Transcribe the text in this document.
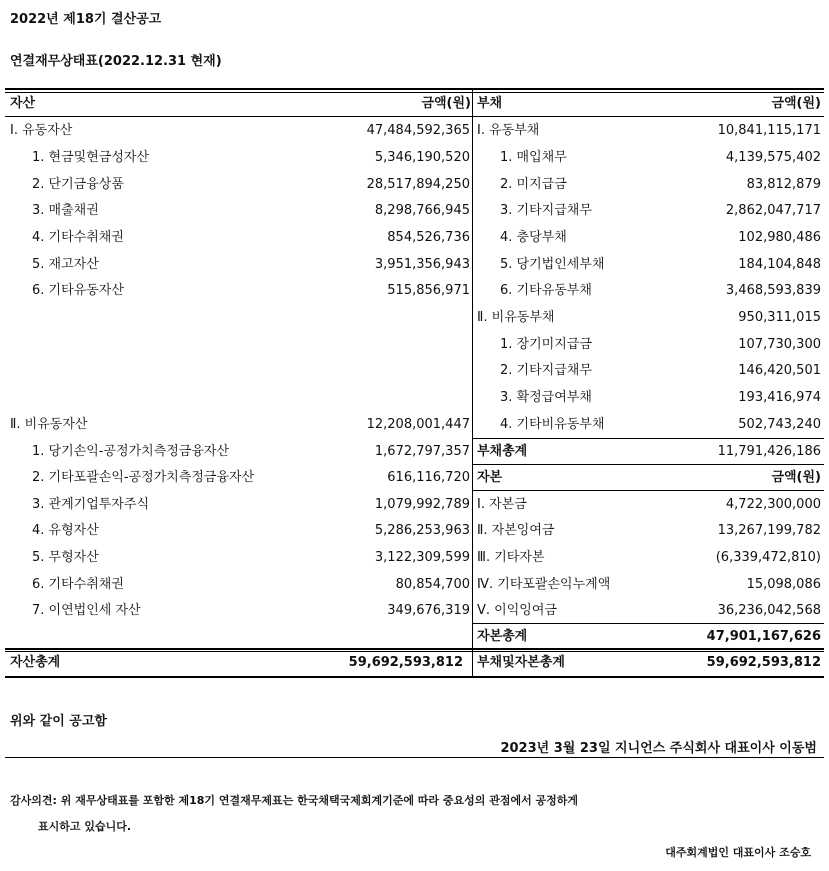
2022년 제18기 결산공고
연결재무상태표(2022.12.31 현재)
자산	금액(원) 부채	금액(원)
Ⅰ. 유동자산	47,484,592,365
1. 현금및현금성자산	5,346,190,520
2. 단기금융상품	28,517,894,250
3. 매출채권	8,298,766,945
4. 기타수취채권	854,526,736
5. 재고자산	3,951,356,943
6. 기타유동자산	515,856,971
Ⅱ. 비유동자산	12,208,001,447
1. 당기손익-공정가치측정금융자산	1,672,797,357
2. 기타포괄손익-공정가치측정금융자산	616,116,720
3. 관계기업투자주식	1,079,992,789
4. 유형자산	5,286,253,963
5. 무형자산	3,122,309,599
6. 기타수취채권	80,854,700
7. 이연법인세 자산	349,676,319
Ⅰ. 유동부채	10,841,115,171
1. 매입채무	4,139,575,402
2. 미지급금	83,812,879
3. 기타지급채무	2,862,047,717
4. 충당부채	102,980,486
5. 당기법인세부채	184,104,848
6. 기타유동부채	3,468,593,839
Ⅱ. 비유동부채	950,311,015
1. 장기미지급금	107,730,300
2. 기타지급채무	146,420,501
3. 확정급여부채	193,416,974
4. 기타비유동부채	502,743,240
부채총계	11,791,426,186
자본	금액(원)
Ⅰ. 자본금	4,722,300,000
Ⅱ. 자본잉여금	13,267,199,782
Ⅲ. 기타자본	(6,339,472,810)
Ⅳ. 기타포괄손익누계액	15,098,086
Ⅴ. 이익잉여금	36,236,042,568
자본총계	47,901,167,626
자산총계	59,692,593,812 부채및자본총계	59,692,593,812
위와 같이 공고함
2023년 3월 23일 지니언스 주식회사 대표이사 이동범
감사의견: 위 재무상태표를 포함한 제18기 연결재무제표는 한국채택국제회계기준에 따라 중요성의 관점에서 공정하게
표시하고 있습니다.
대주회계법인 대표이사 조승호
